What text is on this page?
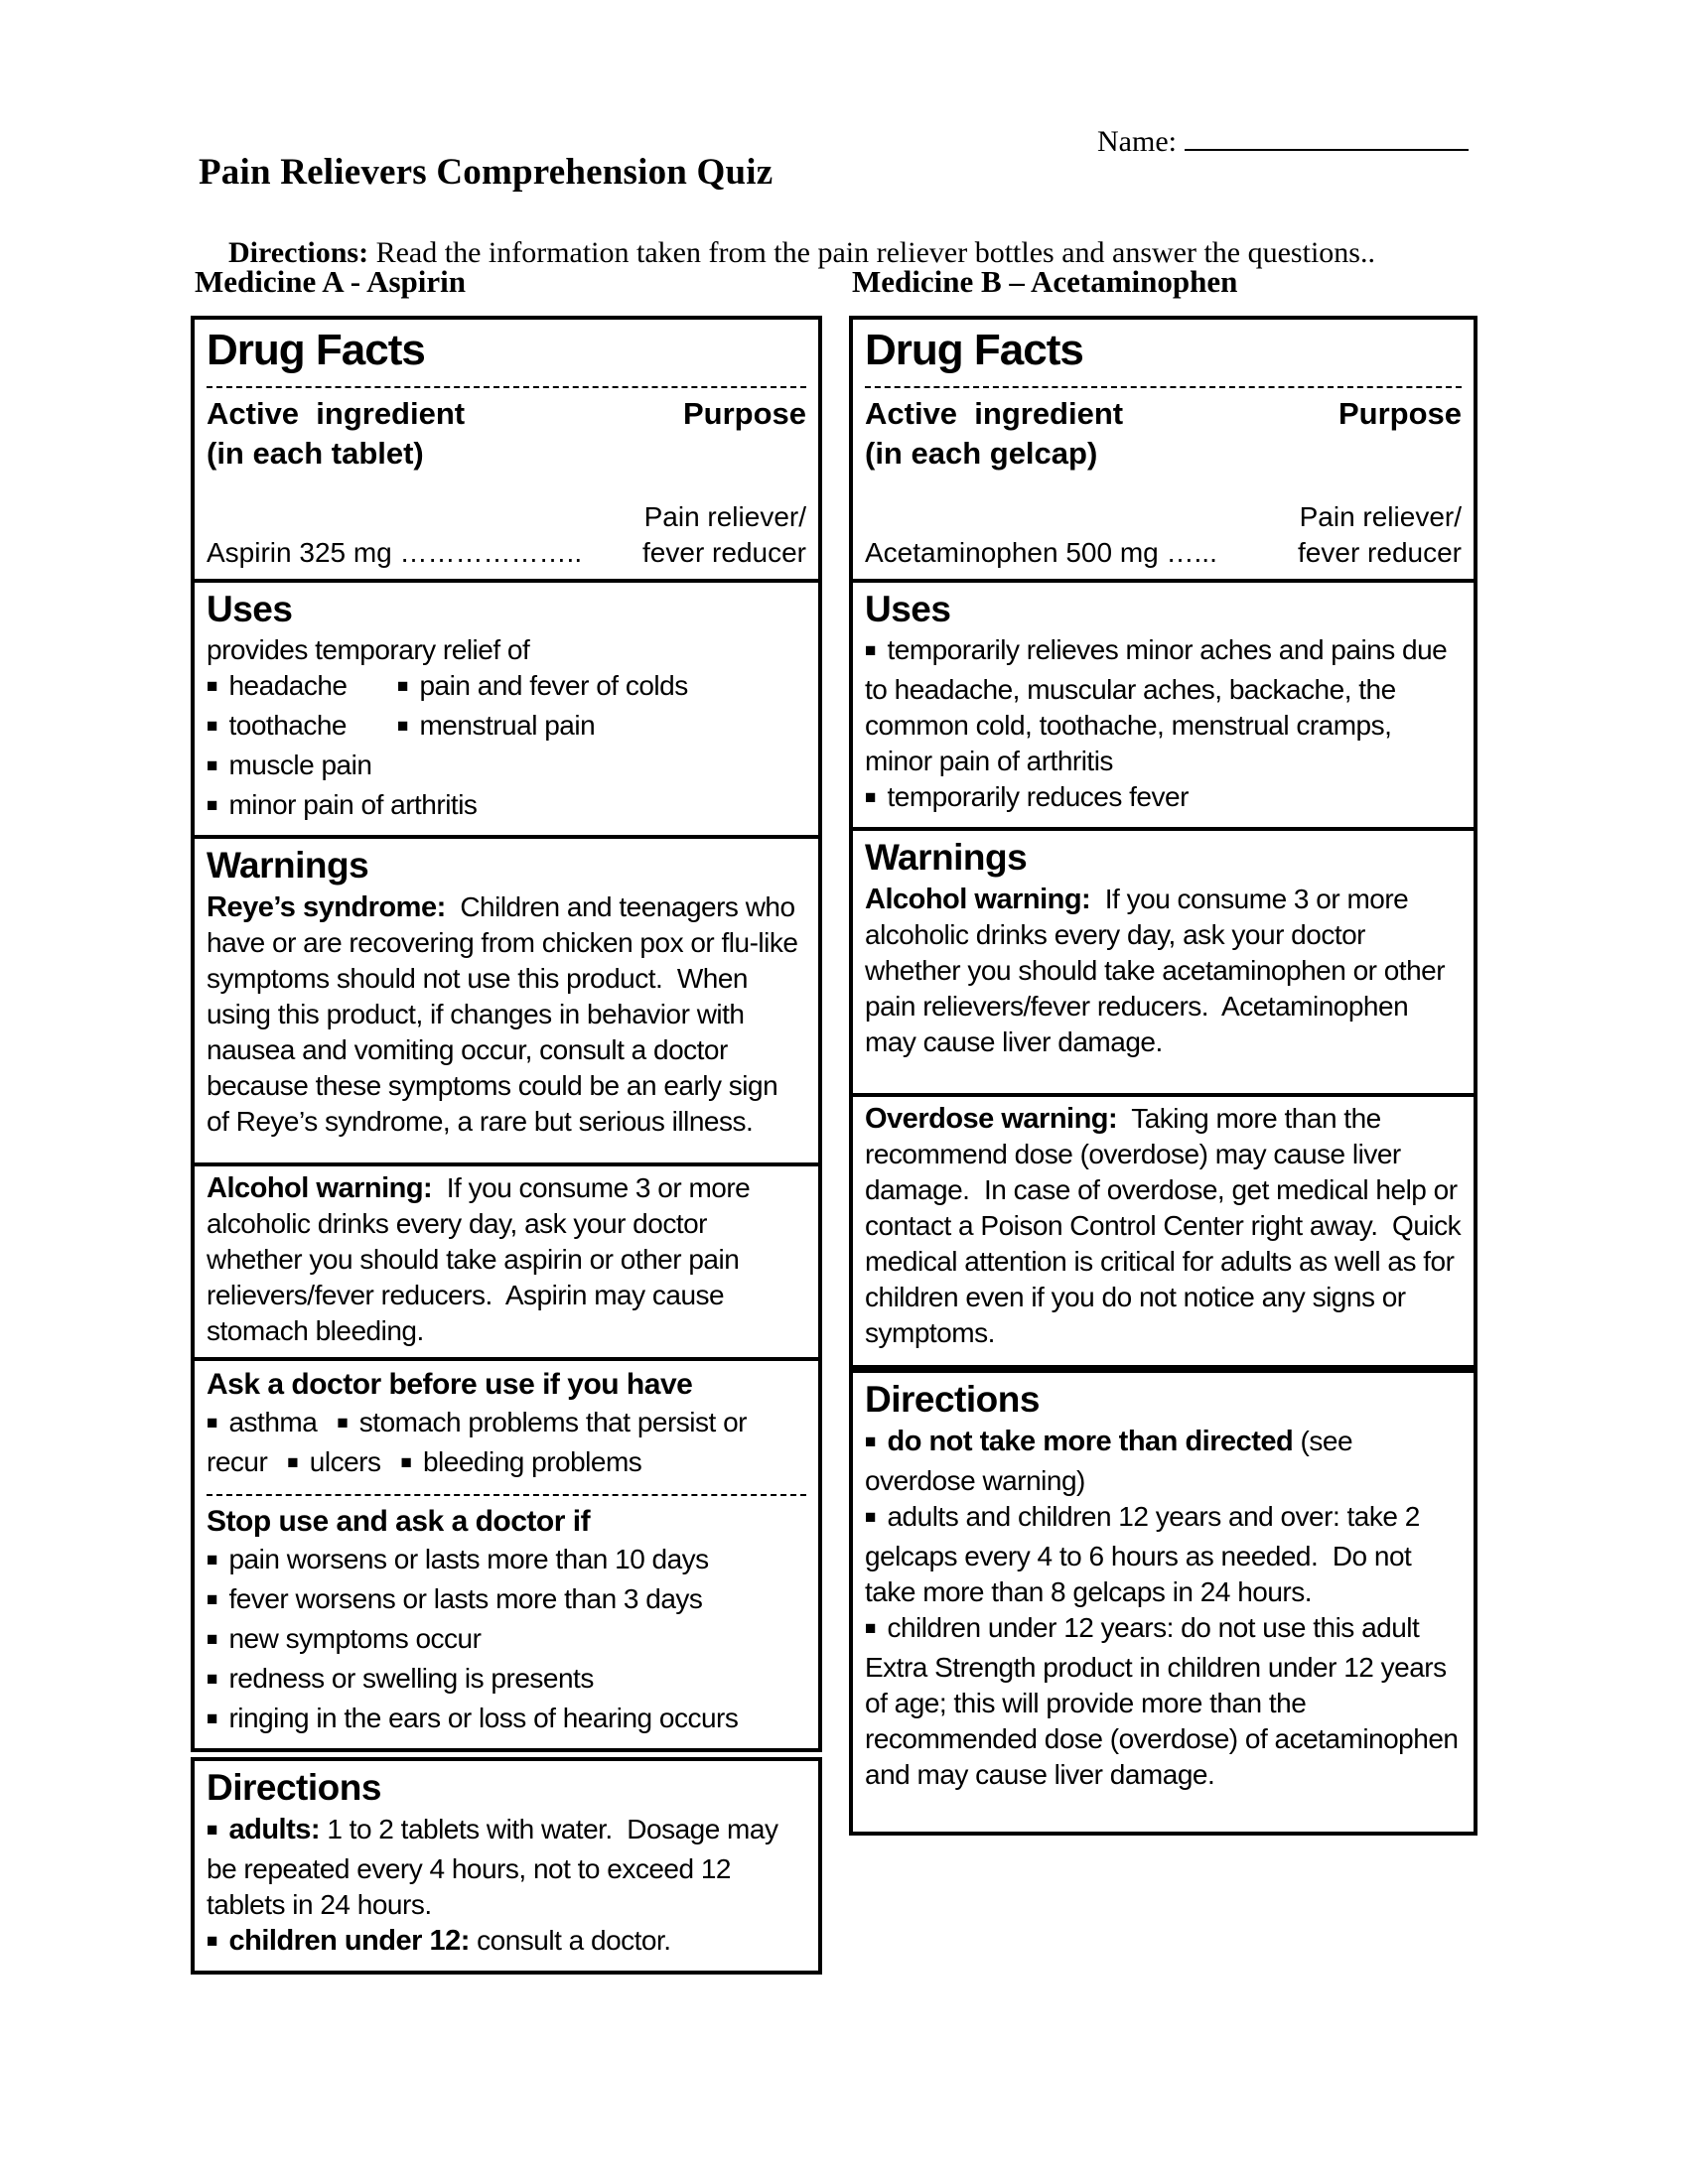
Name:
Pain Relievers Comprehension Quiz

Directions: Read the information taken from the pain reliever bottles and answer the questions..

Medicine A - Aspirin	Medicine B – Acetaminophen
Drug Facts
Active  ingredient	Purpose
(in each tablet)
Pain reliever/
Aspirin 325 mg ……………….. fever reducer
Uses

provides temporary relief of

■ headache	■ pain and fever of colds
■ toothache	■ menstrual pain

■ muscle pain

■ minor pain of arthritis

Warnings

Reye’s syndrome:  Children and teenagers who have or are recovering from chicken pox or flu-like symptoms should not use this product.  When using this product, if changes in behavior with nausea and vomiting occur, consult a doctor because these symptoms could be an early sign of Reye’s syndrome, a rare but serious illness.

Alcohol warning:  If you consume 3 or more alcoholic drinks every day, ask your doctor whether you should take aspirin or other pain relievers/fever reducers.  Aspirin may cause stomach bleeding.

Ask a doctor before use if you have

■ asthma ■ stomach problems that persist or recur ■ ulcers ■ bleeding problems

Stop use and ask a doctor if

■ pain worsens or lasts more than 10 days

■ fever worsens or lasts more than 3 days

■ new symptoms occur

■ redness or swelling is presents

■ ringing in the ears or loss of hearing occurs

Directions

■ adults: 1 to 2 tablets with water.  Dosage may be repeated every 4 hours, not to exceed 12 tablets in 24 hours.

■ children under 12: consult a doctor.

Drug Facts
Active  ingredient	Purpose
(in each gelcap)
Pain reliever/
Acetaminophen 500 mg …...	fever reducer
Uses

■ temporarily relieves minor aches and pains due to headache, muscular aches, backache, the common cold, toothache, menstrual cramps, minor pain of arthritis

■ temporarily reduces fever

Warnings

Alcohol warning:  If you consume 3 or more alcoholic drinks every day, ask your doctor whether you should take acetaminophen or other pain relievers/fever reducers.  Acetaminophen may cause liver damage.

Overdose warning:  Taking more than the recommend dose (overdose) may cause liver damage.  In case of overdose, get medical help or contact a Poison Control Center right away.  Quick medical attention is critical for adults as well as for children even if you do not notice any signs or symptoms.

Directions

■ do not take more than directed (see overdose warning)

■ adults and children 12 years and over: take 2 gelcaps every 4 to 6 hours as needed.  Do not take more than 8 gelcaps in 24 hours.

■ children under 12 years: do not use this adult Extra Strength product in children under 12 years of age; this will provide more than the recommended dose (overdose) of acetaminophen and may cause liver damage.
